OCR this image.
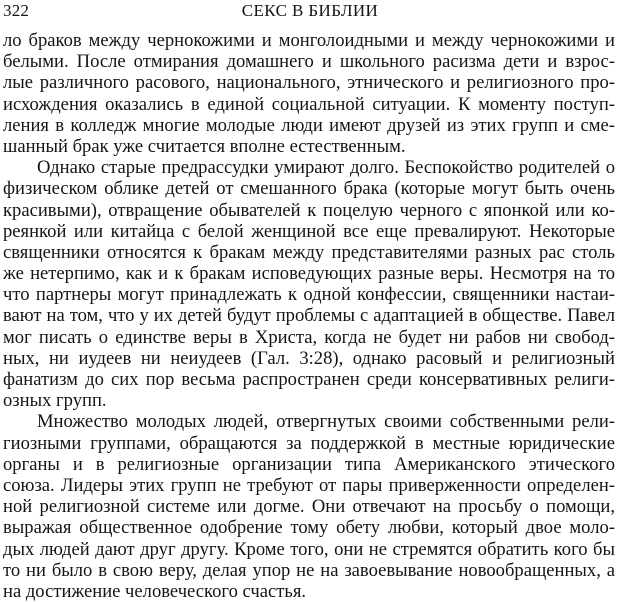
322	СЕКС В БИБЛИИ
ло браков между чернокожими и монголоидными и между чернокожими и
белыми. После отмирания домашнего и школьного расизма дети и взрос-
лые различного расового, национального, этнического и религиозного про-
исхождения оказались в единой социальной ситуации. К моменту поступ-
ления в колледж многие молодые люди имеют друзей из этих групп и сме-
шанный брак уже считается вполне естественным.
Однако старые предрассудки умирают долго. Беспокойство родителей о
физическом облике детей от смешанного брака (которые могут быть очень
красивыми), отвращение обывателей к поцелую черного с японкой или ко-
реянкой или китайца с белой женщиной все еще превалируют. Некоторые
священники относятся к бракам между представителями разных рас столь
же нетерпимо, как и к бракам исповедующих разные веры. Несмотря на то
что партнеры могут принадлежать к одной конфессии, священники настаи-
вают на том, что у их детей будут проблемы с адаптацией в обществе. Павел
мог писать о единстве веры в Христа, когда не будет ни рабов ни свобод-
ных, ни иудеев ни неиудеев (Гал. 3:28), однако расовый и религиозный
фанатизм до сих пор весьма распространен среди консервативных религи-
озных групп.
Множество молодых людей, отвергнутых своими собственными рели-
гиозными группами, обращаются за поддержкой в местные юридические
органы и в религиозные организации типа Американского этического
союза. Лидеры этих групп не требуют от пары приверженности определен-
ной религиозной системе или догме. Они отвечают на просьбу о помощи,
выражая общественное одобрение тому обету любви, который двое моло-
дых людей дают друг другу. Кроме того, они не стремятся обратить кого бы
то ни было в свою веру, делая упор не на завоевывание новообращенных, а
на достижение человеческого счастья.
